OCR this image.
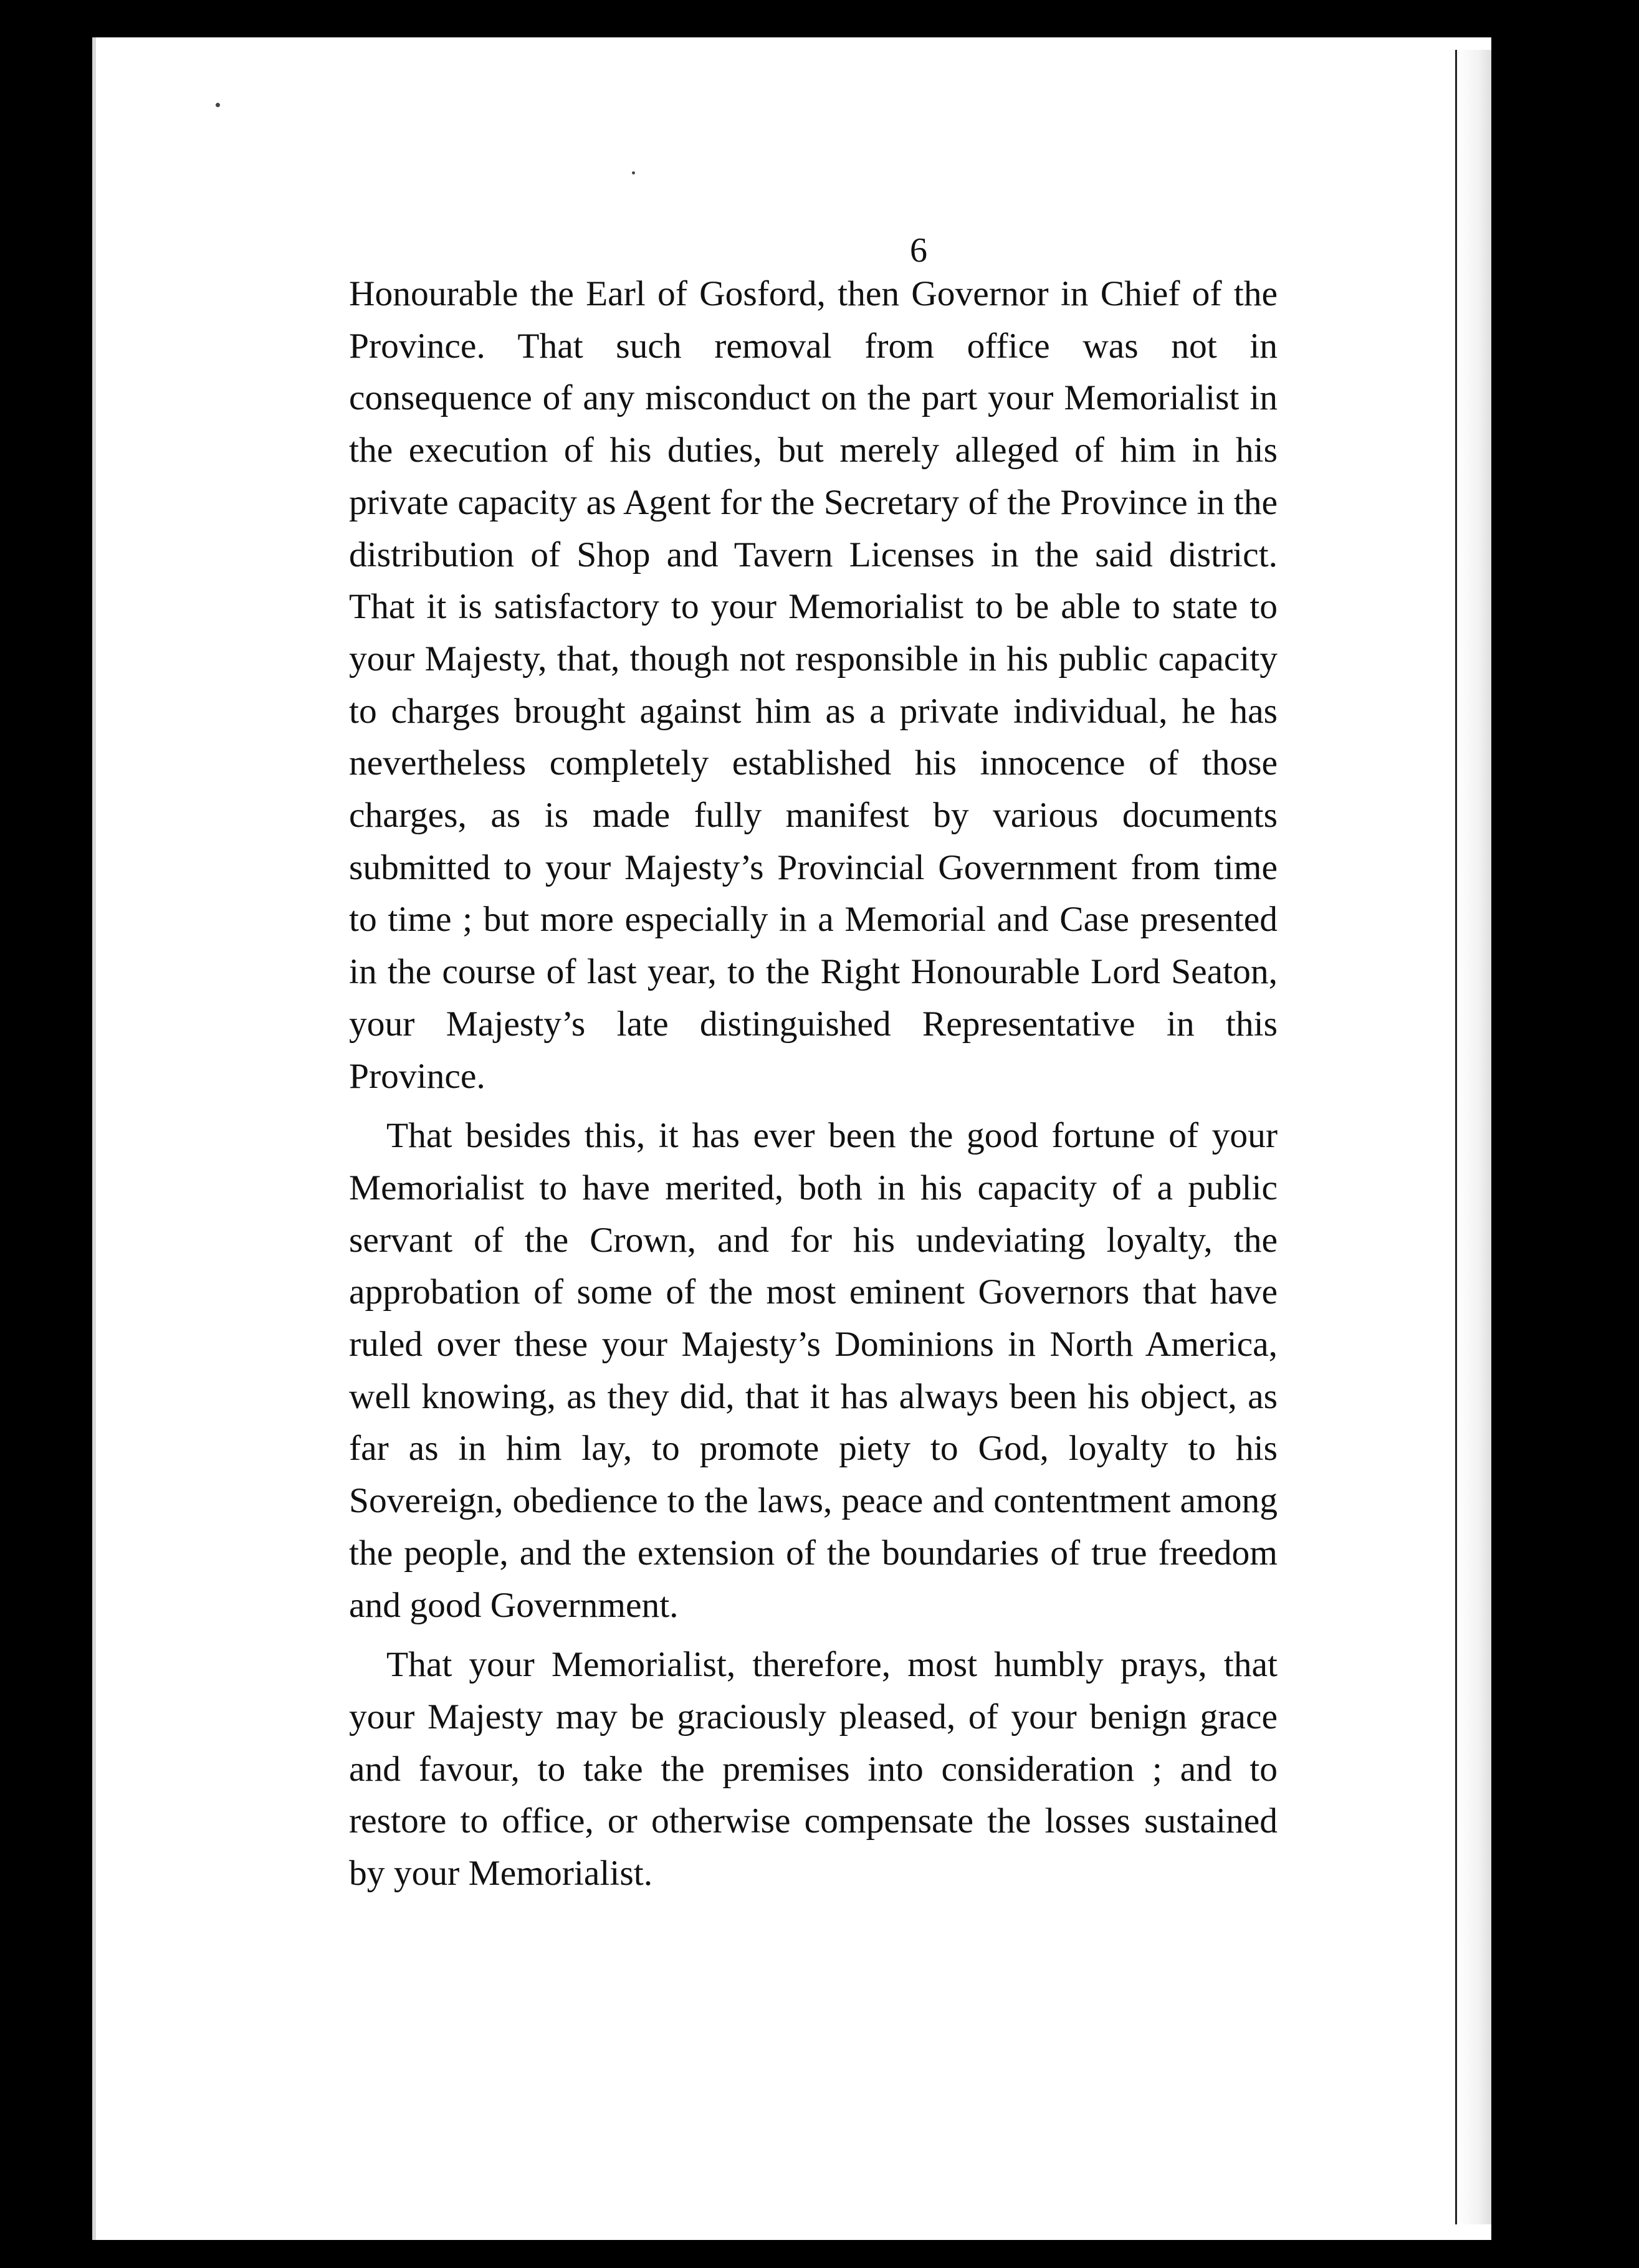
6

Honourable the Earl of Gosford, then Governor in Chief of the Province. That such removal from office was not in consequence of any misconduct on the part your Memorialist in the execution of his duties, but merely alleged of him in his private capacity as Agent for the Secretary of the Province in the distribution of Shop and Tavern Licenses in the said district. That it is satisfactory to your Memorialist to be able to state to your Majesty, that, though not responsible in his public capacity to charges brought against him as a private individual, he has nevertheless completely established his innocence of those charges, as is made fully manifest by various documents submitted to your Majesty’s Provincial Government from time to time ; but more especially in a Memorial and Case presented in the course of last year, to the Right Honourable Lord Seaton, your Majesty’s late distinguished Representative in this Province.

That besides this, it has ever been the good fortune of your Memorialist to have merited, both in his capacity of a public servant of the Crown, and for his undeviating loyalty, the approbation of some of the most eminent Governors that have ruled over these your Majesty’s Dominions in North America, well knowing, as they did, that it has always been his object, as far as in him lay, to promote piety to God, loyalty to his Sovereign, obedience to the laws, peace and contentment among the people, and the extension of the boundaries of true freedom and good Government.

That your Memorialist, therefore, most humbly prays, that your Majesty may be graciously pleased, of your benign grace and favour, to take the premises into consideration ; and to restore to office, or otherwise compensate the losses sustained by your Memorialist.
